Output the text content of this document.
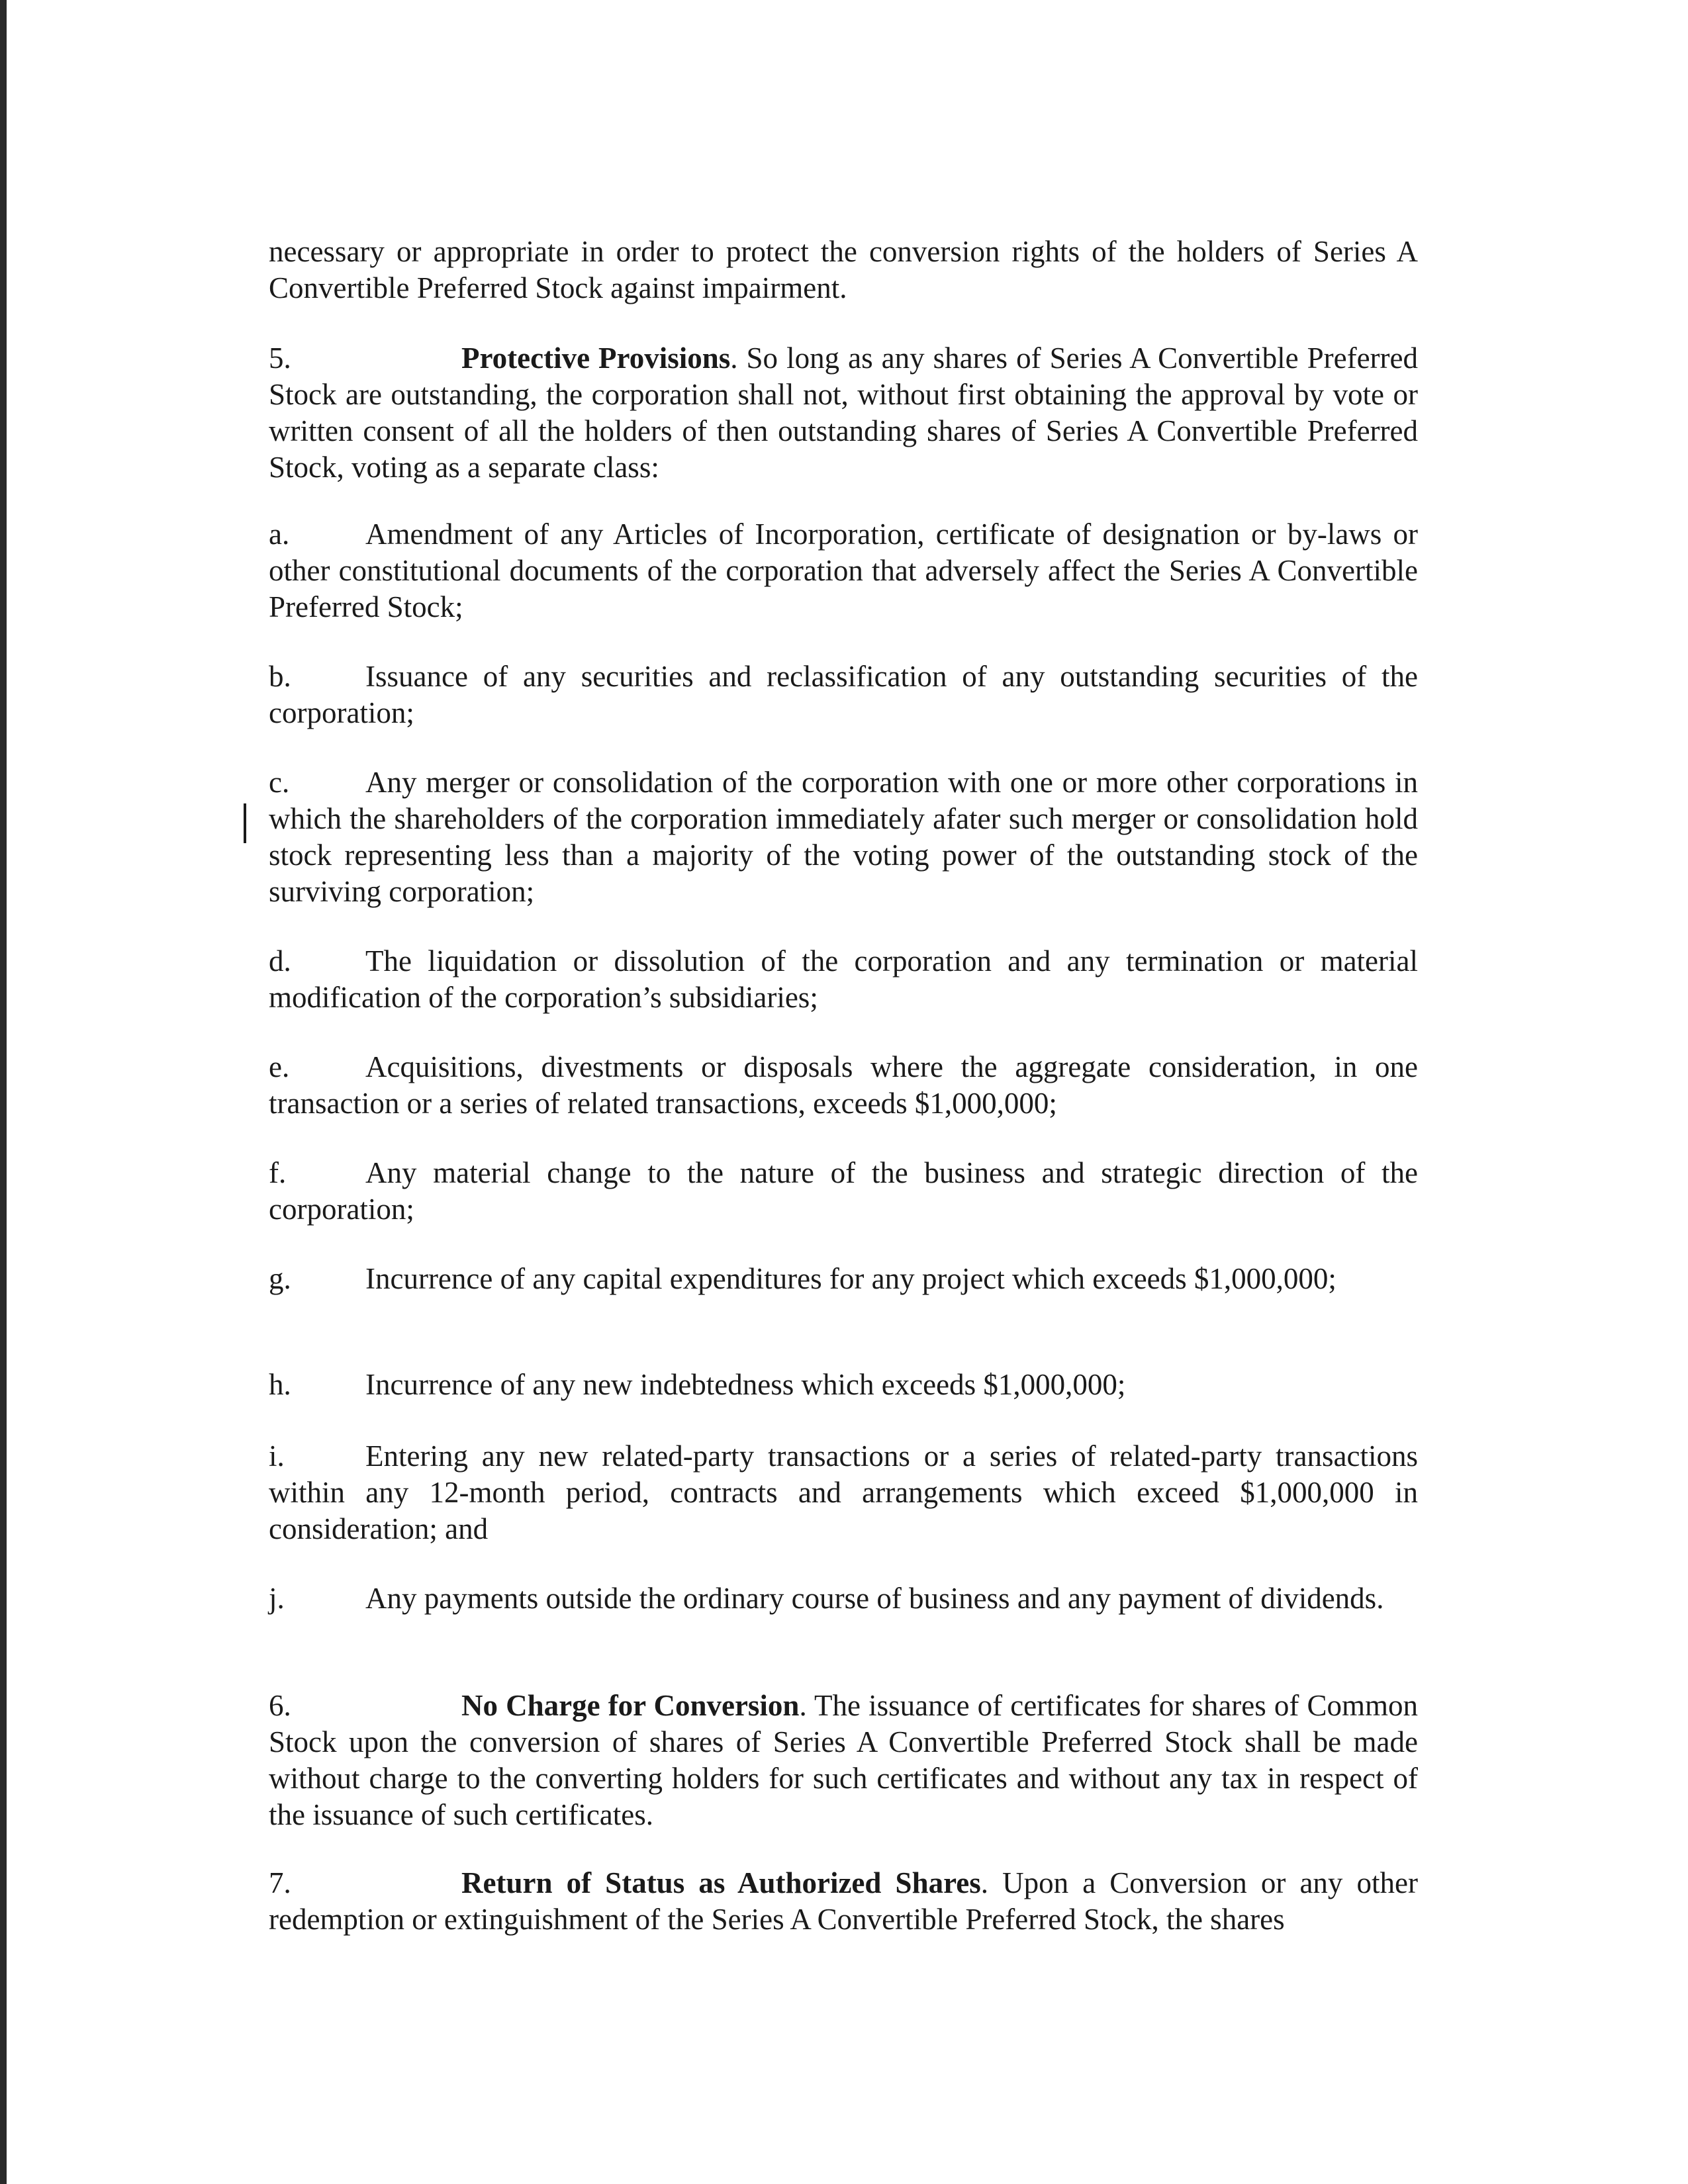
necessary or appropriate in order to protect the conversion rights of the holders of Series A Convertible Preferred Stock against impairment.
5.	Protective Provisions. So long as any shares of Series A Convertible Preferred Stock are outstanding, the corporation shall not, without first obtaining the approval by vote or written consent of all the holders of then outstanding shares of Series A Convertible Preferred Stock, voting as a separate class:
a.	Amendment of any Articles of Incorporation, certificate of designation or by-laws or other constitutional documents of the corporation that adversely affect the Series A Convertible Preferred Stock;
b. Issuance of any securities and reclassification of any outstanding securities of the corporation;
c.	Any merger or consolidation of the corporation with one or more other corporations in which the shareholders of the corporation immediately afater such merger or consolidation hold stock representing less than a majority of the voting power of the outstanding stock of the surviving corporation;
d. The liquidation or dissolution of the corporation and any termination or material modification of the corporation’s subsidiaries;
e.	Acquisitions, divestments or disposals where the aggregate consideration, in one transaction or a series of related transactions, exceeds $1,000,000;
f.	Any material change to the nature of the business and strategic direction of the corporation;
g. Incurrence of any capital expenditures for any project which exceeds $1,000,000;
h. Incurrence of any new indebtedness which exceeds $1,000,000;
i.	Entering any new related-party transactions or a series of related-party transactions within any 12-month period, contracts and arrangements which exceed $1,000,000 in consideration; and
j.	Any payments outside the ordinary course of business and any payment of dividends.
6.	No Charge for Conversion. The issuance of certificates for shares of Common Stock upon the conversion of shares of Series A Convertible Preferred Stock shall be made without charge to the converting holders for such certificates and without any tax in respect of the issuance of such certificates.
7.	Return of Status as Authorized Shares. Upon a Conversion or any other redemption or extinguishment of the Series A Convertible Preferred Stock, the shares
